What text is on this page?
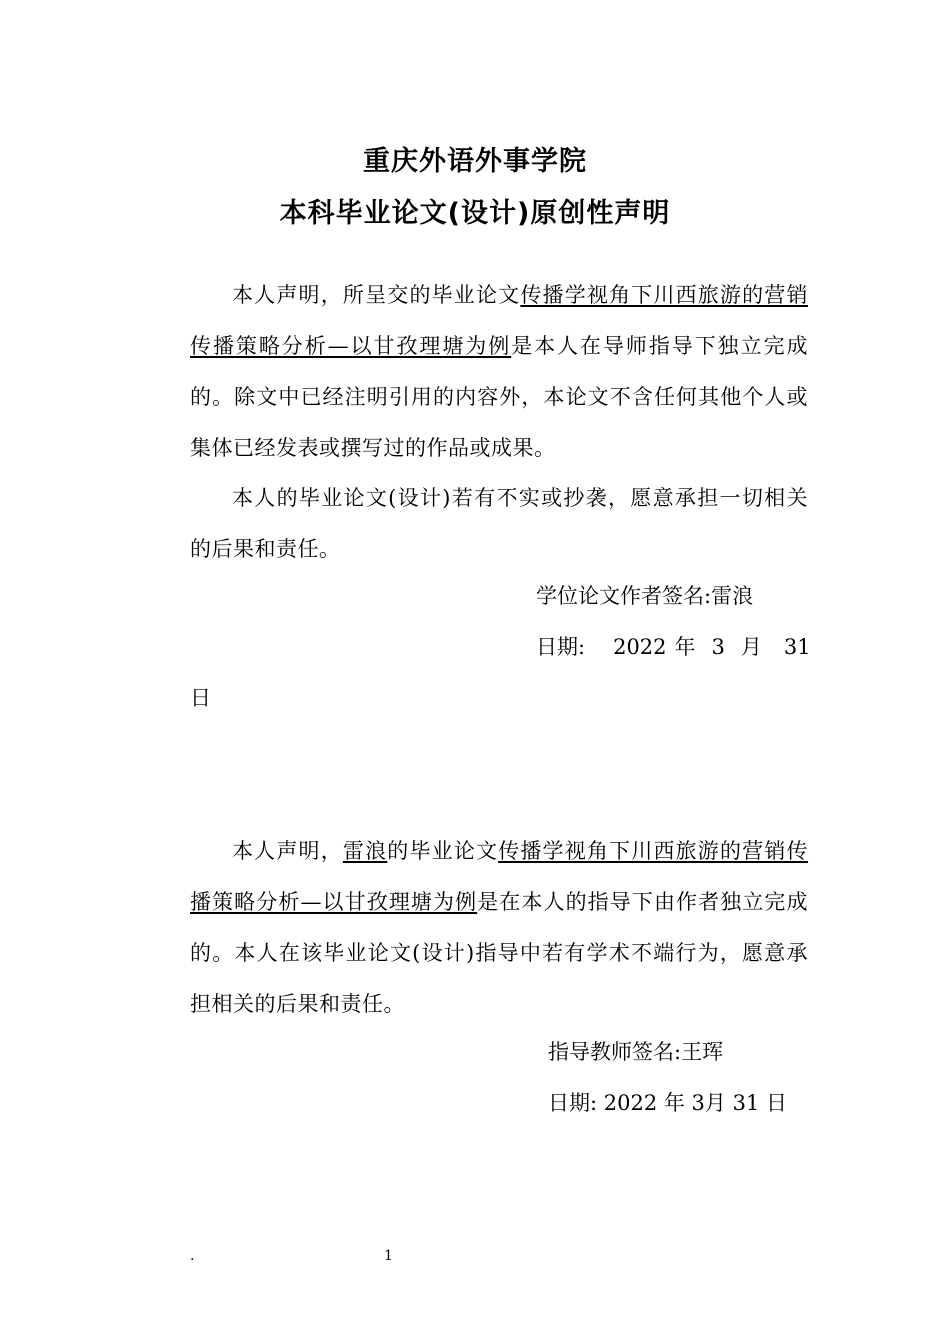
重庆外语外事学院
本科毕业论文(设计)原创性声明

本人声明，所呈交的毕业论文传播学视角下川西旅游的营销传播策略分析—以甘孜理塘为例是本人在导师指导下独立完成的。除文中已经注明引用的内容外，本论文不含任何其他个人或集体已经发表或撰写过的作品或成果。

本人的毕业论文(设计)若有不实或抄袭，愿意承担一切相关的后果和责任。

学位论文作者签名:雷浪
日期: 2022 年 3 月 31
日

本人声明，雷浪的毕业论文传播学视角下川西旅游的营销传播策略分析—以甘孜理塘为例是在本人的指导下由作者独立完成的。本人在该毕业论文(设计)指导中若有学术不端行为，愿意承担相关的后果和责任。

指导教师签名:王珲
日期: 2022 年 3月 31 日
.	1
